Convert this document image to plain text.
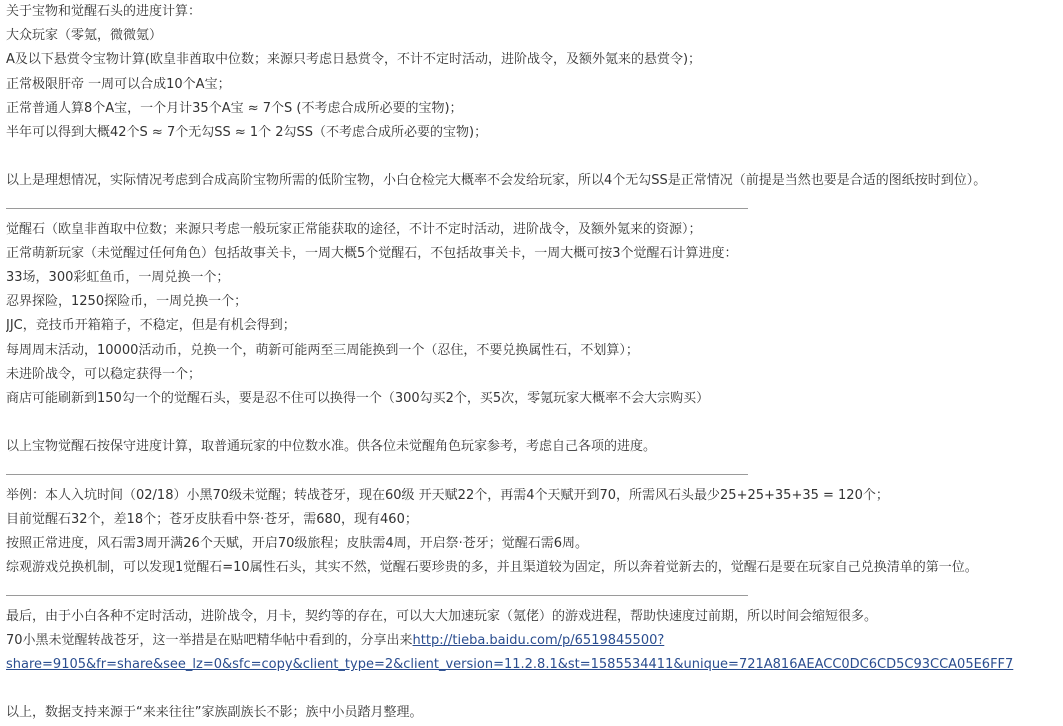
关于宝物和觉醒石头的进度计算：
大众玩家（零氪，微微氪）
A及以下悬赏令宝物计算(欧皇非酋取中位数；来源只考虑日悬赏令，不计不定时活动，进阶战令，及额外氪来的悬赏令)；
正常极限肝帝 一周可以合成10个A宝；
正常普通人算8个A宝，一个月计35个A宝 ≈ 7个S (不考虑合成所必要的宝物)；
半年可以得到大概42个S ≈ 7个无勾SS ≈ 1个 2勾SS（不考虑合成所必要的宝物)；
以上是理想情况，实际情况考虑到合成高阶宝物所需的低阶宝物，小白仓检完大概率不会发给玩家，所以4个无勾SS是正常情况（前提是当然也要是合适的图纸按时到位）。
觉醒石（欧皇非酋取中位数；来源只考虑一般玩家正常能获取的途径，不计不定时活动，进阶战令，及额外氪来的资源）；
正常萌新玩家（未觉醒过任何角色）包括故事关卡，一周大概5个觉醒石，不包括故事关卡，一周大概可按3个觉醒石计算进度：
33场，300彩虹鱼币，一周兑换一个；
忍界探险，1250探险币，一周兑换一个；
JJC，竞技币开箱箱子，不稳定，但是有机会得到；
每周周末活动，10000活动币，兑换一个，萌新可能两至三周能换到一个（忍住，不要兑换属性石，不划算）；
未进阶战令，可以稳定获得一个；
商店可能刷新到150勾一个的觉醒石头，要是忍不住可以换得一个（300勾买2个，买5次，零氪玩家大概率不会大宗购买）
以上宝物觉醒石按保守进度计算，取普通玩家的中位数水准。供各位未觉醒角色玩家参考，考虑自己各项的进度。
举例：本人入坑时间（02/18）小黑70级未觉醒；转战苍牙，现在60级 开天赋22个，再需4个天赋开到70，所需风石头最少25+25+35+35 = 120个；
目前觉醒石32个，差18个；苍牙皮肤看中祭·苍牙，需680，现有460；
按照正常进度，风石需3周开满26个天赋，开启70级旅程；皮肤需4周，开启祭·苍牙；觉醒石需6周。
综观游戏兑换机制，可以发现1觉醒石=10属性石头，其实不然，觉醒石要珍贵的多，并且渠道较为固定，所以奔着觉新去的，觉醒石是要在玩家自己兑换清单的第一位。
最后，由于小白各种不定时活动，进阶战令，月卡，契约等的存在，可以大大加速玩家（氪佬）的游戏进程，帮助快速度过前期，所以时间会缩短很多。
70小黑未觉醒转战苍牙，这一举措是在贴吧精华帖中看到的，分享出来http://tieba.baidu.com/p/6519845500?
share=9105&fr=share&see_lz=0&sfc=copy&client_type=2&client_version=11.2.8.1&st=1585534411&unique=721A816AEACC0DC6CD5C93CCA05E6FF7
以上，数据支持来源于“来来往往”家族副族长不影；族中小员踏月整理。
